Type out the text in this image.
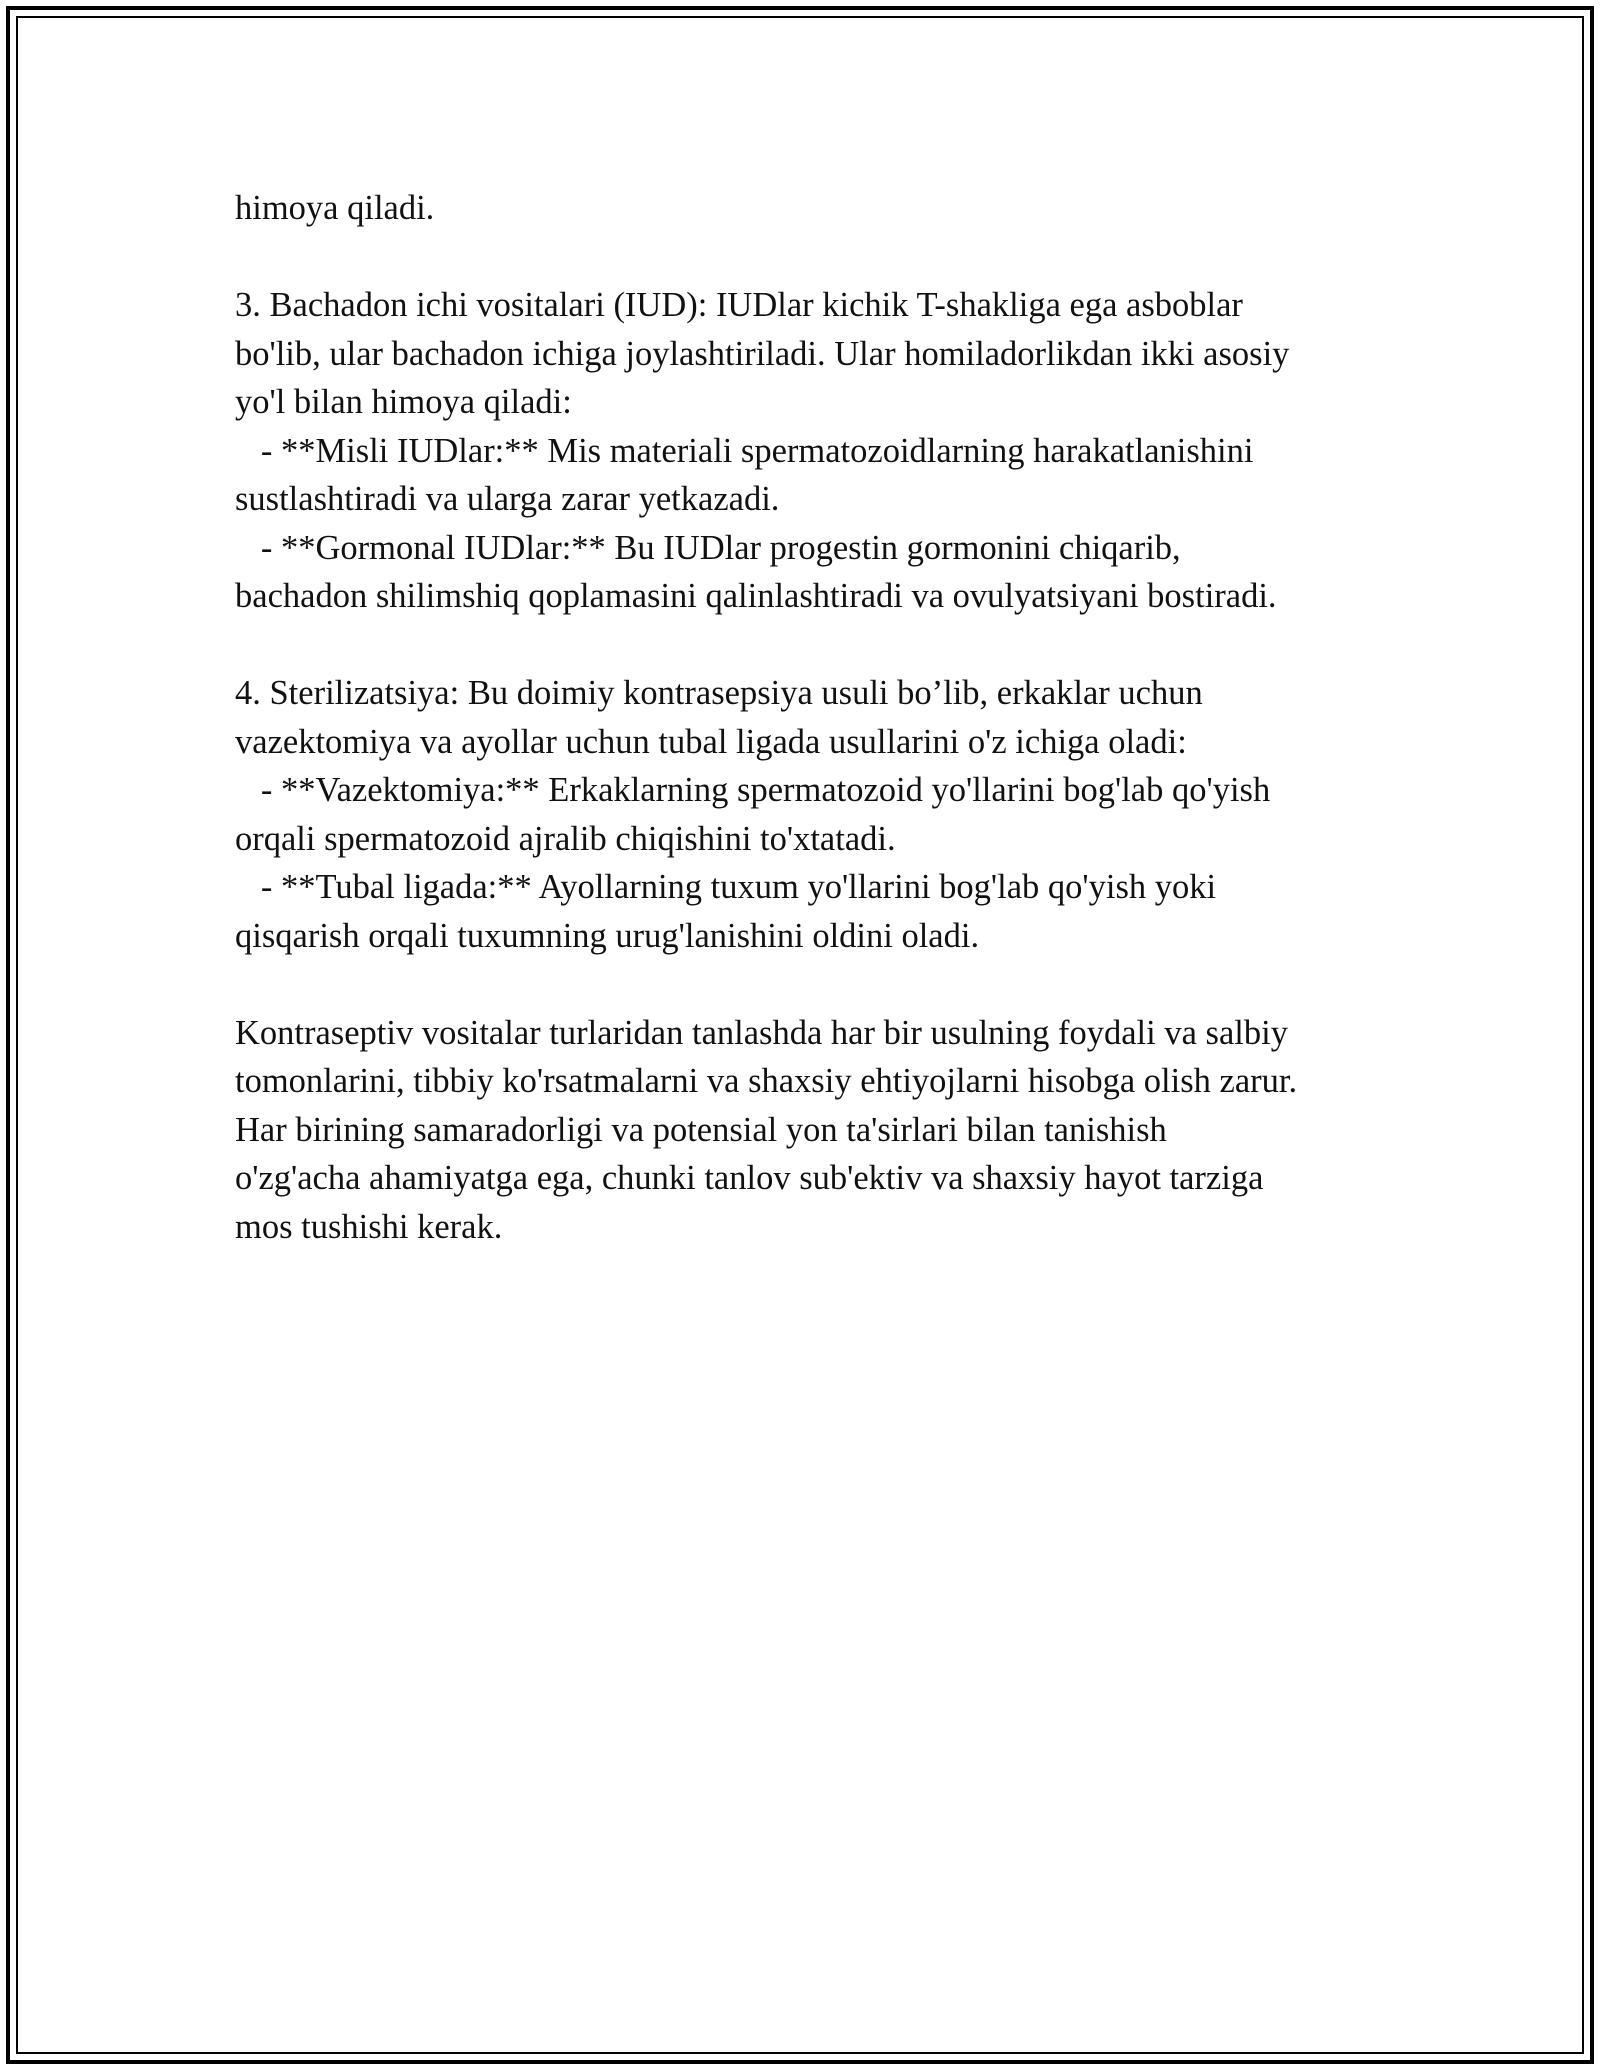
himoya qiladi.
3. Bachadon ichi vositalari (IUD): IUDlar kichik T-shakliga ega asboblar
bo'lib, ular bachadon ichiga joylashtiriladi. Ular homiladorlikdan ikki asosiy
yo'l bilan himoya qiladi:
- **Misli IUDlar:** Mis materiali spermatozoidlarning harakatlanishini
sustlashtiradi va ularga zarar yetkazadi.
- **Gormonal IUDlar:** Bu IUDlar progestin gormonini chiqarib,
bachadon shilimshiq qoplamasini qalinlashtiradi va ovulyatsiyani bostiradi.
4. Sterilizatsiya: Bu doimiy kontrasepsiya usuli bo’lib, erkaklar uchun
vazektomiya va ayollar uchun tubal ligada usullarini o'z ichiga oladi:
- **Vazektomiya:** Erkaklarning spermatozoid yo'llarini bog'lab qo'yish
orqali spermatozoid ajralib chiqishini to'xtatadi.
- **Tubal ligada:** Ayollarning tuxum yo'llarini bog'lab qo'yish yoki
qisqarish orqali tuxumning urug'lanishini oldini oladi.
Kontraseptiv vositalar turlaridan tanlashda har bir usulning foydali va salbiy
tomonlarini, tibbiy ko'rsatmalarni va shaxsiy ehtiyojlarni hisobga olish zarur.
Har birining samaradorligi va potensial yon ta'sirlari bilan tanishish
o'zg'acha ahamiyatga ega, chunki tanlov sub'ektiv va shaxsiy hayot tarziga
mos tushishi kerak.
